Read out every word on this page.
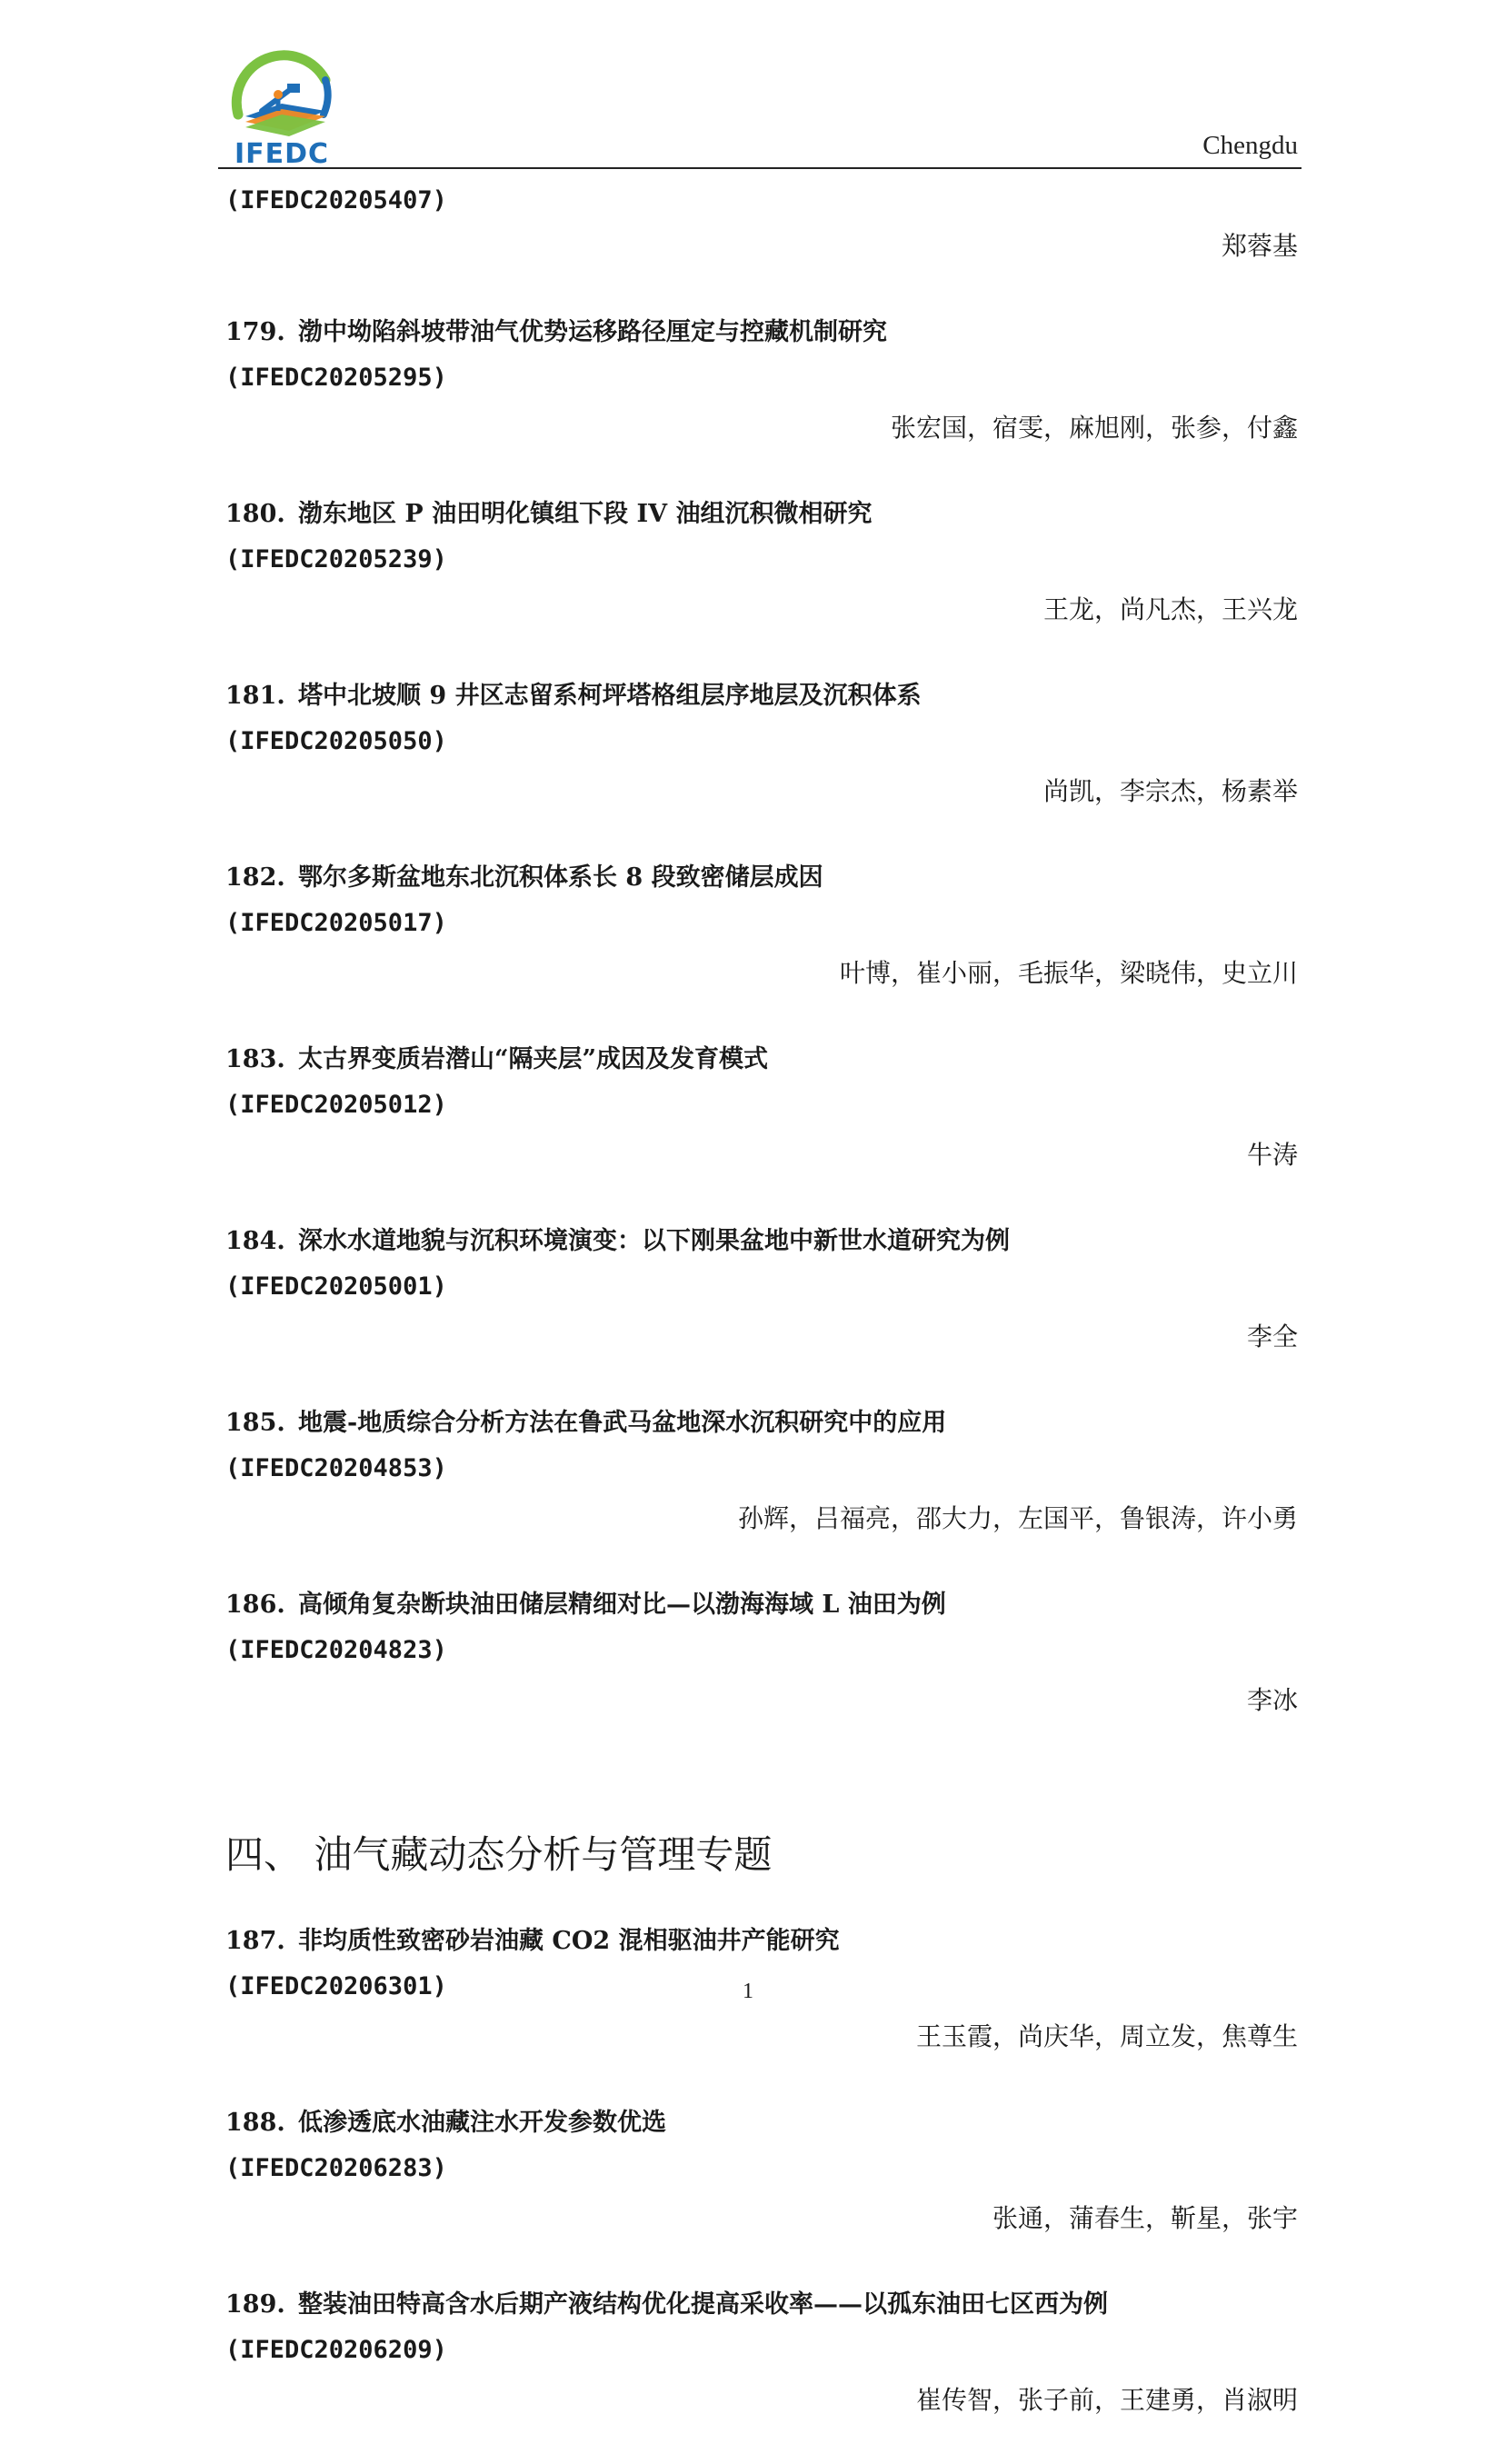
IFEDC	Chengdu
(IFEDC20205407)
郑蓉基
179. 渤中坳陷斜坡带油气优势运移路径厘定与控藏机制研究
(IFEDC20205295)
张宏国，宿雯，麻旭刚，张参，付鑫
180. 渤东地区 P 油田明化镇组下段 IV 油组沉积微相研究
(IFEDC20205239)
王龙，尚凡杰，王兴龙
181. 塔中北坡顺 9 井区志留系柯坪塔格组层序地层及沉积体系
(IFEDC20205050)
尚凯，李宗杰，杨素举
182. 鄂尔多斯盆地东北沉积体系长 8 段致密储层成因
(IFEDC20205017)
叶博，崔小丽，毛振华，梁晓伟，史立川
183. 太古界变质岩潜山“隔夹层”成因及发育模式
(IFEDC20205012)
牛涛
184. 深水水道地貌与沉积环境演变：以下刚果盆地中新世水道研究为例
(IFEDC20205001)
李全
185. 地震-地质综合分析方法在鲁武马盆地深水沉积研究中的应用
(IFEDC20204853)
孙辉，吕福亮，邵大力，左国平，鲁银涛，许小勇
186. 高倾角复杂断块油田储层精细对比—以渤海海域 L 油田为例
(IFEDC20204823)
李冰
四、 油气藏动态分析与管理专题
187. 非均质性致密砂岩油藏 CO2 混相驱油井产能研究
(IFEDC20206301)
王玉霞，尚庆华，周立发，焦尊生
188. 低渗透底水油藏注水开发参数优选
(IFEDC20206283)
张通，蒲春生，靳星，张宇
189. 整装油田特高含水后期产液结构优化提高采收率——以孤东油田七区西为例
(IFEDC20206209)
崔传智，张子前，王建勇，肖淑明
1
